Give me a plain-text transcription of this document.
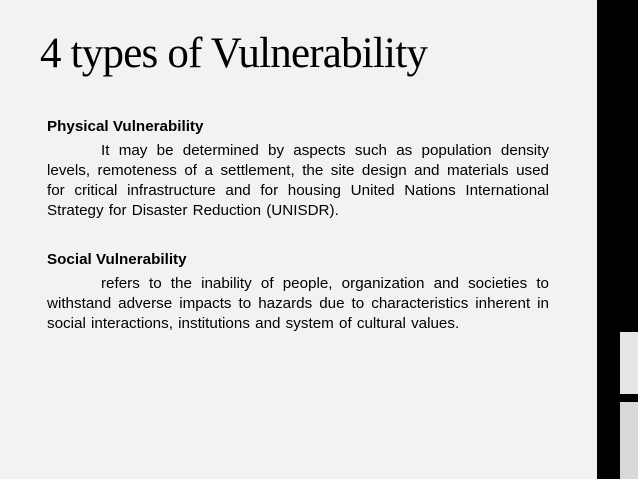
4 types of Vulnerability

Physical Vulnerability

It may be determined by aspects such as population density levels, remoteness of a settlement, the site design and materials used for critical infrastructure and for housing United Nations International Strategy for Disaster Reduction (UNISDR).

Social Vulnerability

refers to the inability of people, organization and societies to withstand adverse impacts to hazards due to characteristics inherent in social interactions, institutions and system of cultural values.
